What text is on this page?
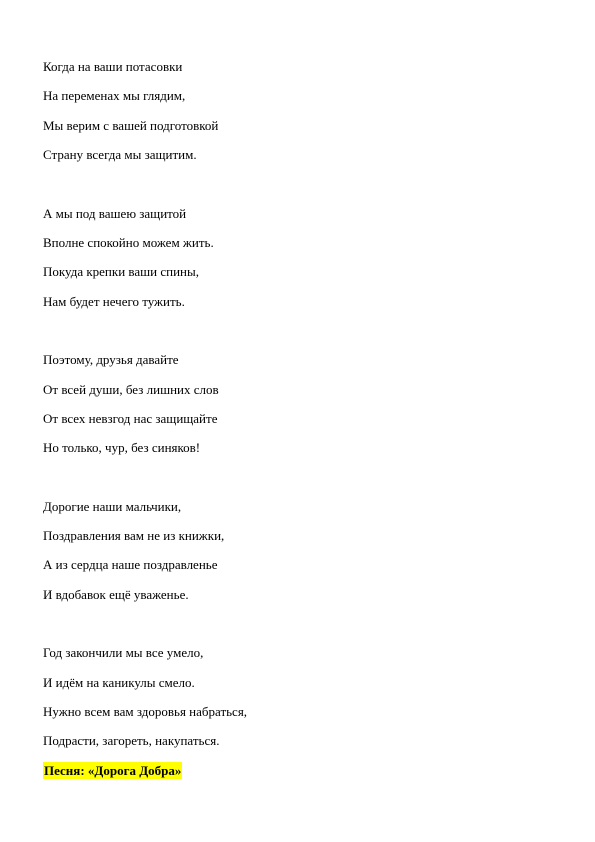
Когда на ваши потасовки
На переменах мы глядим,
Мы верим с вашей подготовкой
Страну всегда мы защитим.
А мы под вашею защитой
Вполне спокойно можем жить.
Покуда крепки ваши спины,
Нам будет нечего тужить.
Поэтому, друзья давайте
От всей души, без лишних слов
От всех невзгод нас защищайте
Но только, чур, без синяков!
Дорогие наши мальчики,
Поздравления вам не из книжки,
А из сердца наше поздравленье
И вдобавок ещё уваженье.
Год закончили мы все умело,
И идём на каникулы смело.
Нужно всем вам здоровья набраться,
Подрасти, загореть, накупаться.
Песня: «Дорога Добра»
